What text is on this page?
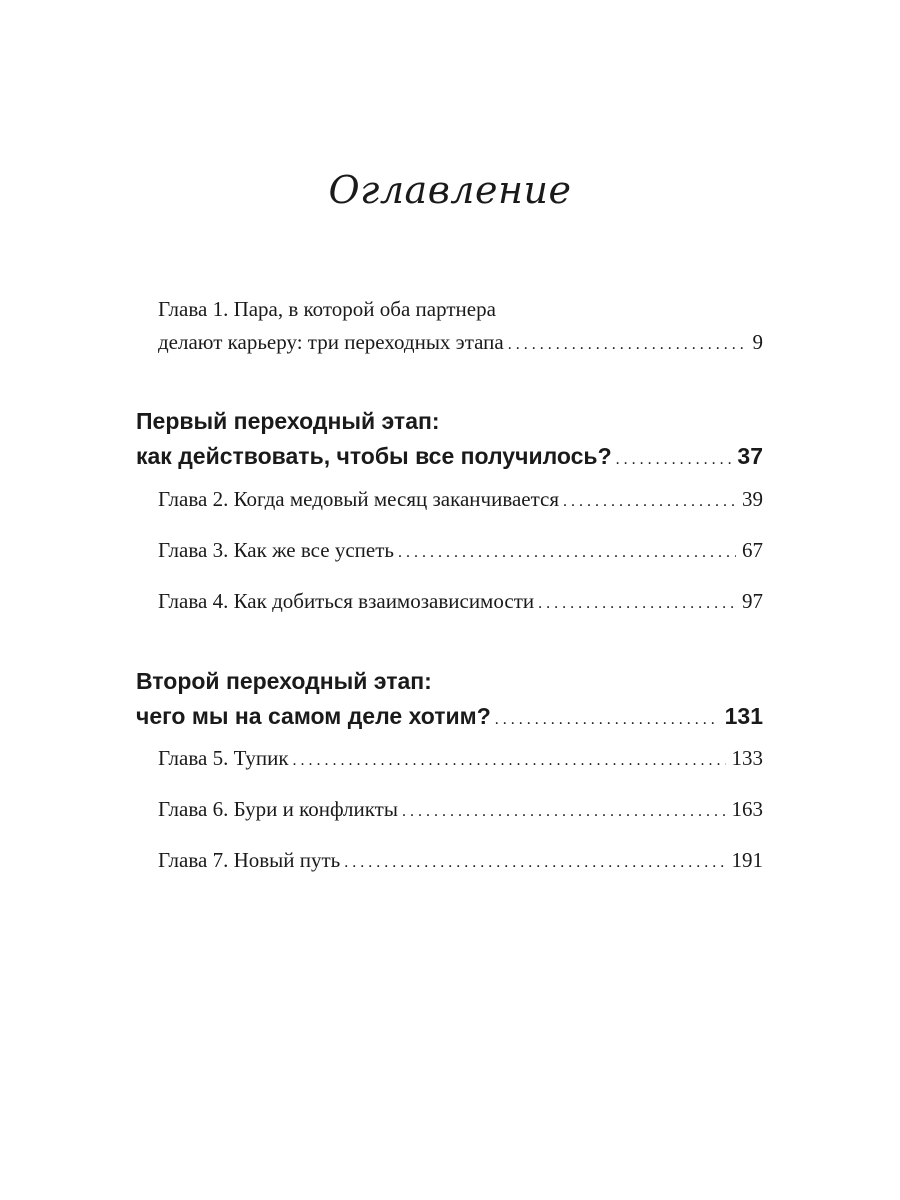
Оглавление
Глава 1. Пара, в которой оба партнера
делают карьеру: три переходных этапа . . .	9
Первый переходный этап:
как действовать, чтобы все получилось? . . .	37
Глава 2. Когда медовый месяц заканчивается . . .	39
Глава 3. Как же все успеть . . .	67
Глава 4. Как добиться взаимозависимости . . .	97
Второй переходный этап:
чего мы на самом деле хотим? . . .	131
Глава 5. Тупик . . .	133
Глава 6. Бури и конфликты . . .	163
Глава 7. Новый путь . . .	191
